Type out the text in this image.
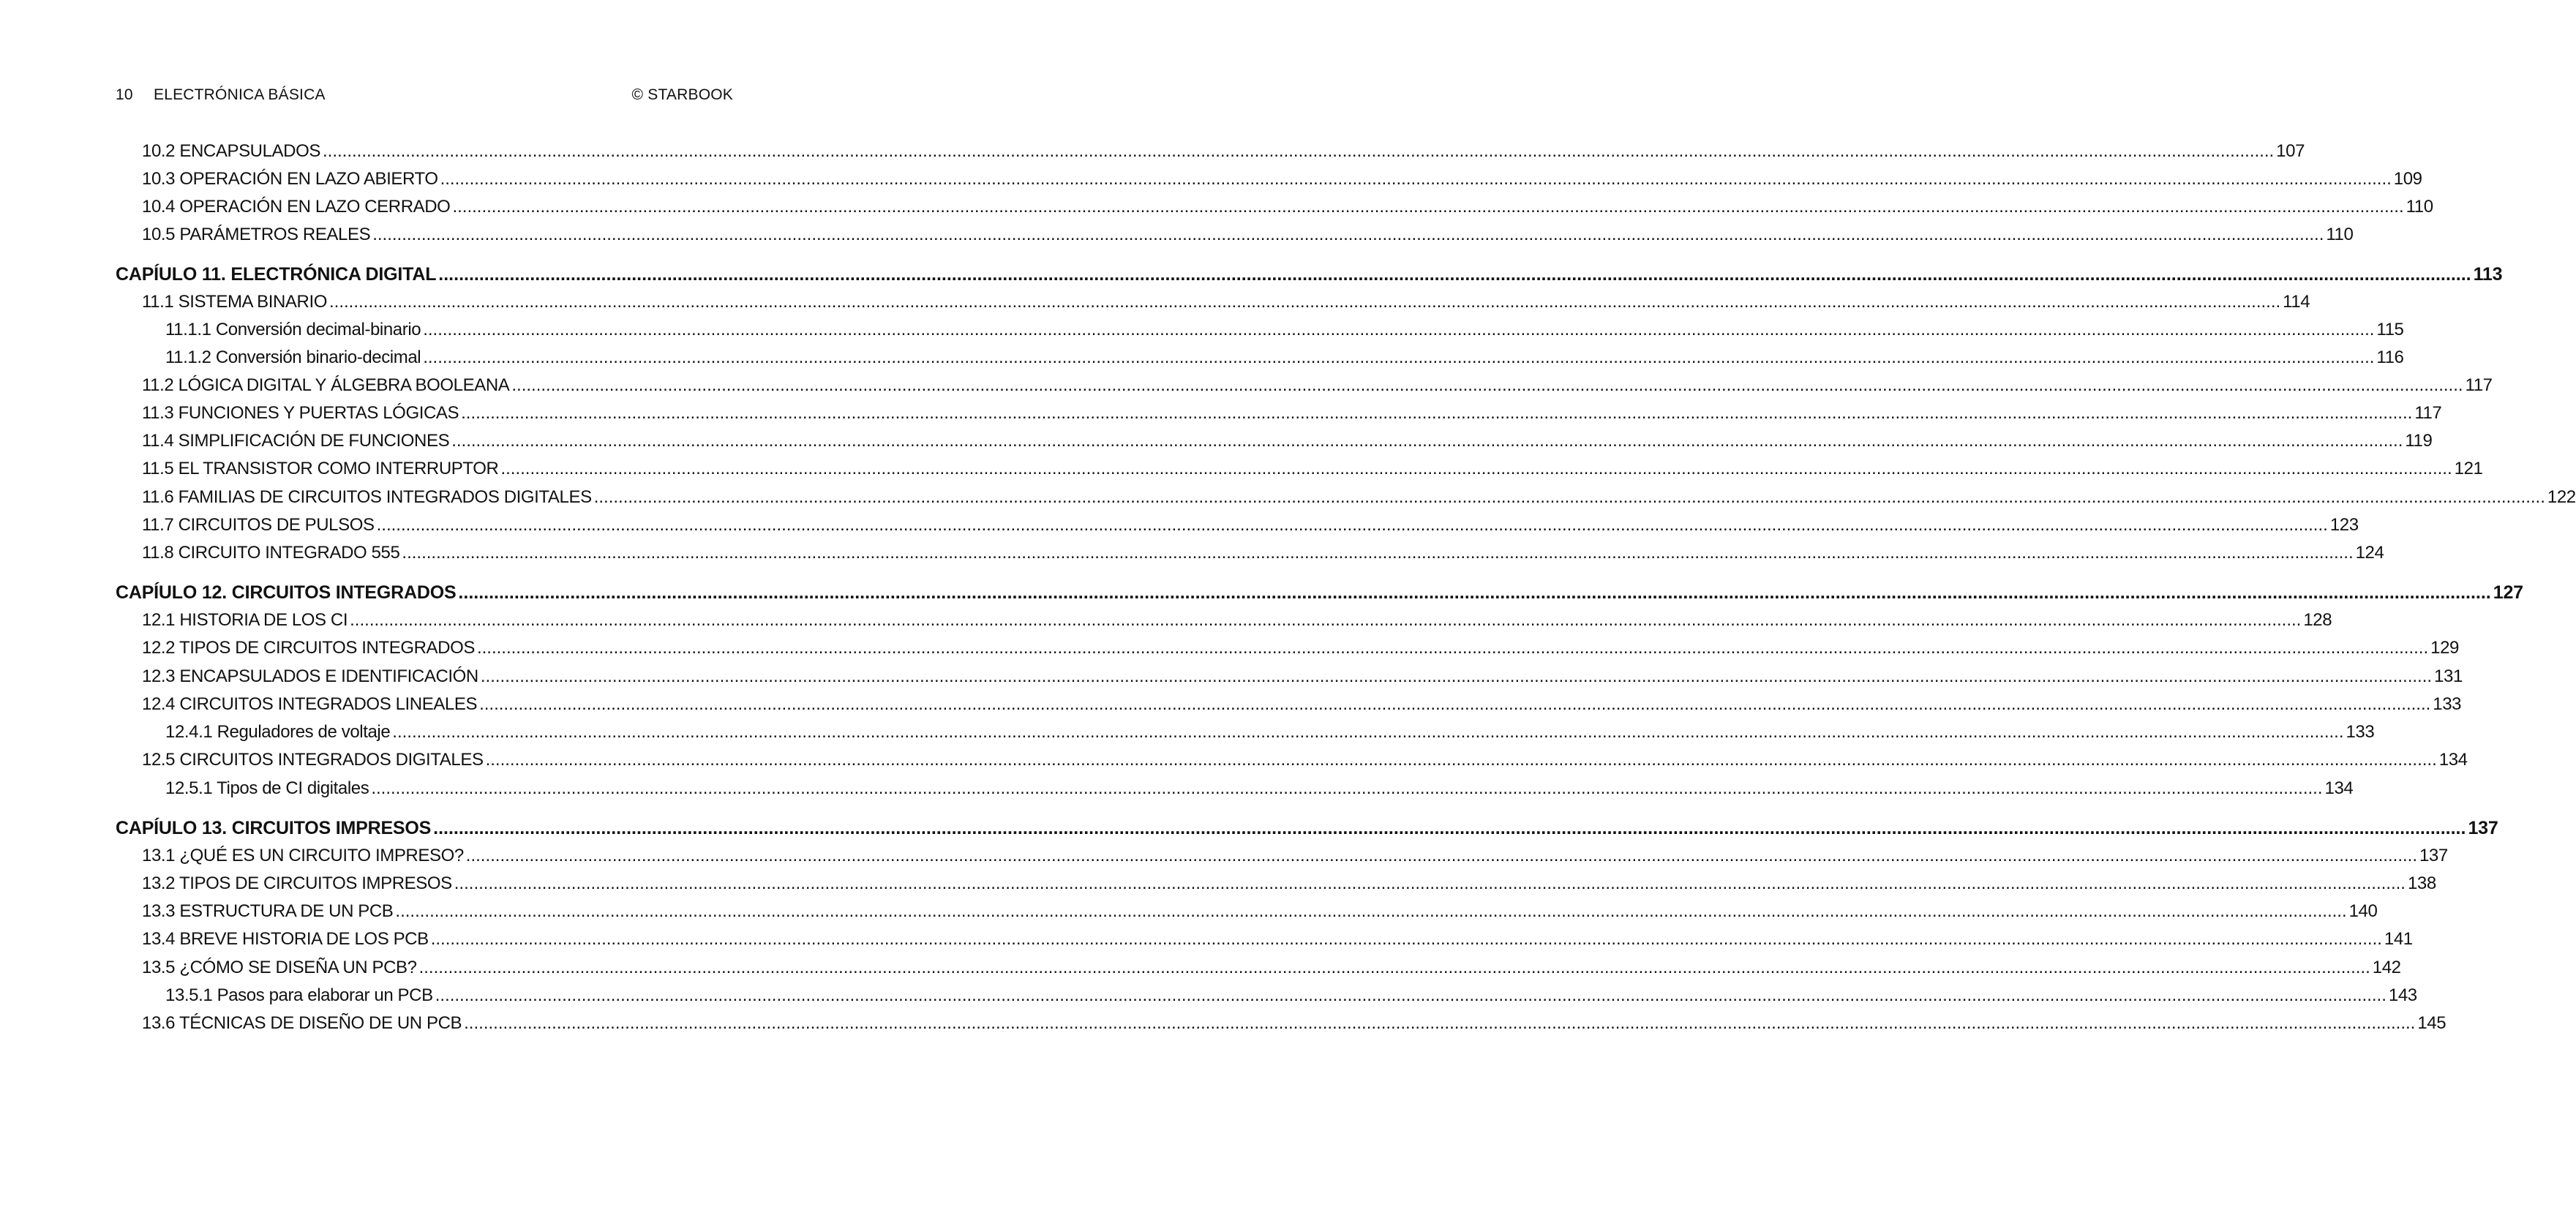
10 ELECTRÓNICA BÁSICA	© STARBOOK
10.2 ENCAPSULADOS ................................................................................................................................................................................................................................................................................................................................................................................................................ 107
10.3 OPERACIÓN EN LAZO ABIERTO ................................................................................................................................................................................................................................................................................................................................................................................................................ 109
10.4 OPERACIÓN EN LAZO CERRADO ................................................................................................................................................................................................................................................................................................................................................................................................................ 110
10.5 PARÁMETROS REALES ................................................................................................................................................................................................................................................................................................................................................................................................................ 110
CAPÍULO 11. ELECTRÓNICA DIGITAL ................................................................................................................................................................................................................................................................................................................................................................................................................ 113
11.1 SISTEMA BINARIO ................................................................................................................................................................................................................................................................................................................................................................................................................ 114
11.1.1 Conversión decimal-binario ................................................................................................................................................................................................................................................................................................................................................................................................................ 115
11.1.2 Conversión binario-decimal ................................................................................................................................................................................................................................................................................................................................................................................................................ 116
11.2 LÓGICA DIGITAL Y ÁLGEBRA BOOLEANA ................................................................................................................................................................................................................................................................................................................................................................................................................ 117
11.3 FUNCIONES Y PUERTAS LÓGICAS ................................................................................................................................................................................................................................................................................................................................................................................................................ 117
11.4 SIMPLIFICACIÓN DE FUNCIONES ................................................................................................................................................................................................................................................................................................................................................................................................................ 119
11.5 EL TRANSISTOR COMO INTERRUPTOR ................................................................................................................................................................................................................................................................................................................................................................................................................ 121
11.6 FAMILIAS DE CIRCUITOS INTEGRADOS DIGITALES ................................................................................................................................................................................................................................................................................................................................................................................................................ 122
11.7 CIRCUITOS DE PULSOS ................................................................................................................................................................................................................................................................................................................................................................................................................ 123
11.8 CIRCUITO INTEGRADO 555 ................................................................................................................................................................................................................................................................................................................................................................................................................ 124
CAPÍULO 12. CIRCUITOS INTEGRADOS ................................................................................................................................................................................................................................................................................................................................................................................................................ 127
12.1 HISTORIA DE LOS CI ................................................................................................................................................................................................................................................................................................................................................................................................................ 128
12.2 TIPOS DE CIRCUITOS INTEGRADOS ................................................................................................................................................................................................................................................................................................................................................................................................................ 129
12.3 ENCAPSULADOS E IDENTIFICACIÓN ................................................................................................................................................................................................................................................................................................................................................................................................................ 131
12.4 CIRCUITOS INTEGRADOS LINEALES ................................................................................................................................................................................................................................................................................................................................................................................................................ 133
12.4.1 Reguladores de voltaje ................................................................................................................................................................................................................................................................................................................................................................................................................ 133
12.5 CIRCUITOS INTEGRADOS DIGITALES ................................................................................................................................................................................................................................................................................................................................................................................................................ 134
12.5.1 Tipos de CI digitales ................................................................................................................................................................................................................................................................................................................................................................................................................ 134
CAPÍULO 13. CIRCUITOS IMPRESOS ................................................................................................................................................................................................................................................................................................................................................................................................................ 137
13.1 ¿QUÉ ES UN CIRCUITO IMPRESO? ................................................................................................................................................................................................................................................................................................................................................................................................................ 137
13.2 TIPOS DE CIRCUITOS IMPRESOS ................................................................................................................................................................................................................................................................................................................................................................................................................ 138
13.3 ESTRUCTURA DE UN PCB ................................................................................................................................................................................................................................................................................................................................................................................................................ 140
13.4 BREVE HISTORIA DE LOS PCB ................................................................................................................................................................................................................................................................................................................................................................................................................ 141
13.5 ¿CÓMO SE DISEÑA UN PCB? ................................................................................................................................................................................................................................................................................................................................................................................................................ 142
13.5.1 Pasos para elaborar un PCB ................................................................................................................................................................................................................................................................................................................................................................................................................ 143
13.6 TÉCNICAS DE DISEÑO DE UN PCB ................................................................................................................................................................................................................................................................................................................................................................................................................ 145
